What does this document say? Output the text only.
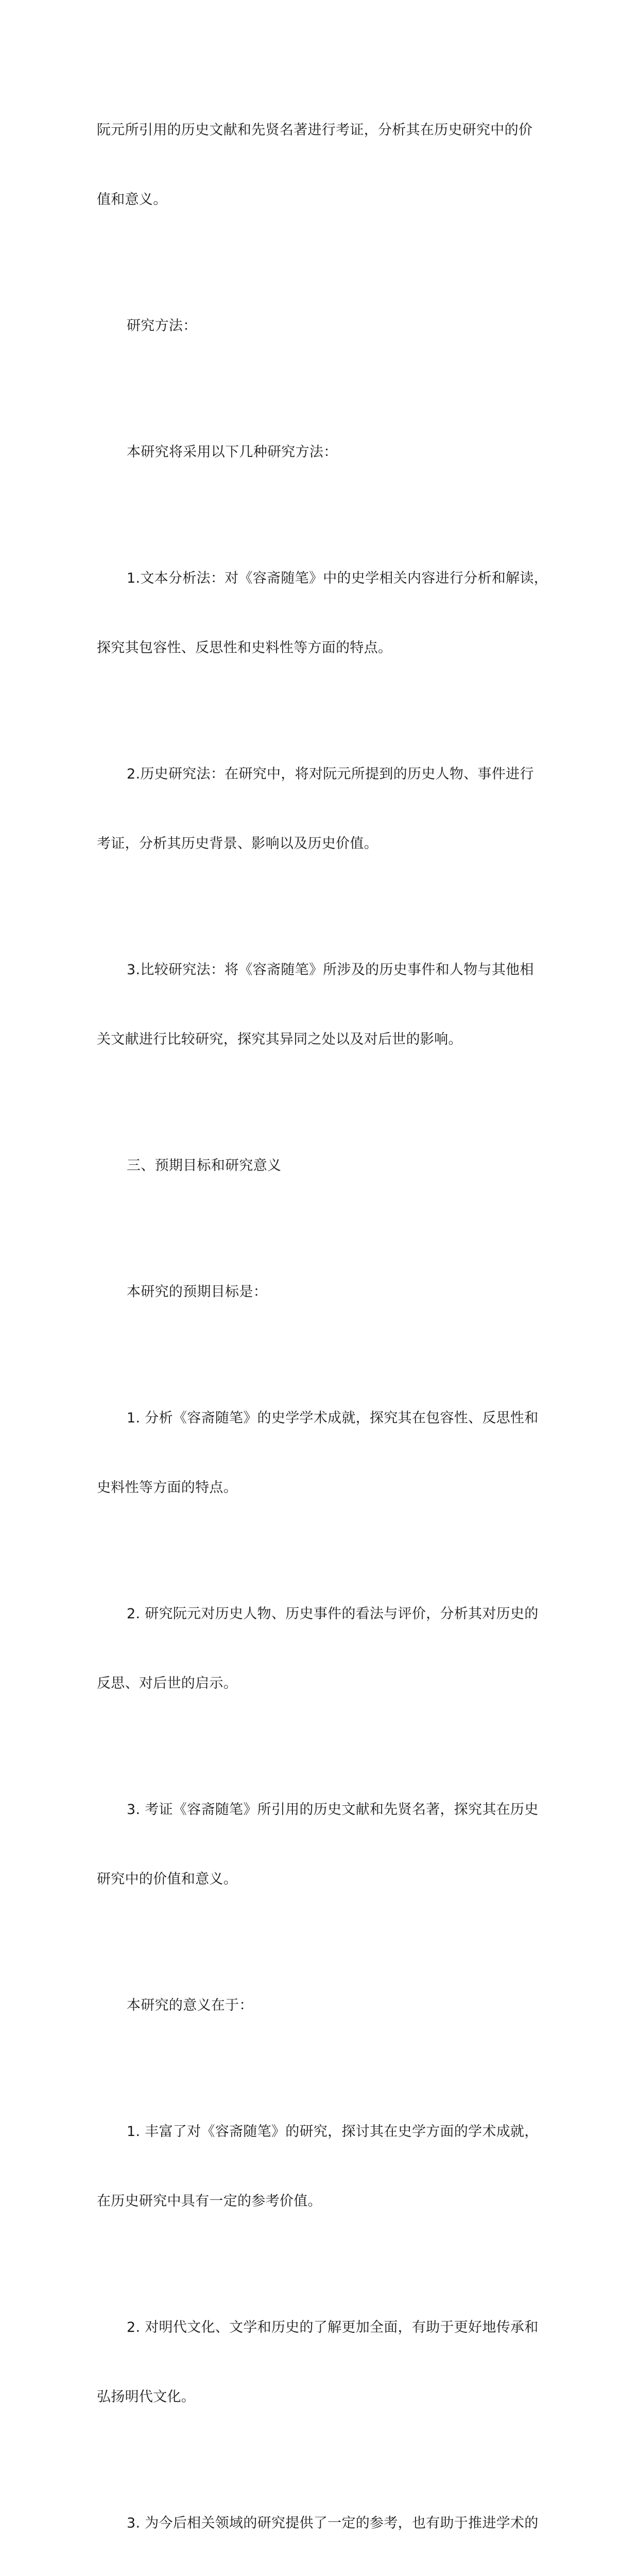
阮元所引用的历史文献和先贤名著进行考证，分析其在历史研究中的价

值和意义。

研究方法：

本研究将采用以下几种研究方法：

1.文本分析法：对《容斋随笔》中的史学相关内容进行分析和解读，

探究其包容性、反思性和史料性等方面的特点。

2.历史研究法：在研究中，将对阮元所提到的历史人物、事件进行

考证，分析其历史背景、影响以及历史价值。

3.比较研究法：将《容斋随笔》所涉及的历史事件和人物与其他相

关文献进行比较研究，探究其异同之处以及对后世的影响。

三、预期目标和研究意义

本研究的预期目标是：

1. 分析《容斋随笔》的史学学术成就，探究其在包容性、反思性和

史料性等方面的特点。

2. 研究阮元对历史人物、历史事件的看法与评价，分析其对历史的

反思、对后世的启示。

3. 考证《容斋随笔》所引用的历史文献和先贤名著，探究其在历史

研究中的价值和意义。

本研究的意义在于：

1. 丰富了对《容斋随笔》的研究，探讨其在史学方面的学术成就，

在历史研究中具有一定的参考价值。

2. 对明代文化、文学和历史的了解更加全面，有助于更好地传承和

弘扬明代文化。

3. 为今后相关领域的研究提供了一定的参考，也有助于推进学术的
